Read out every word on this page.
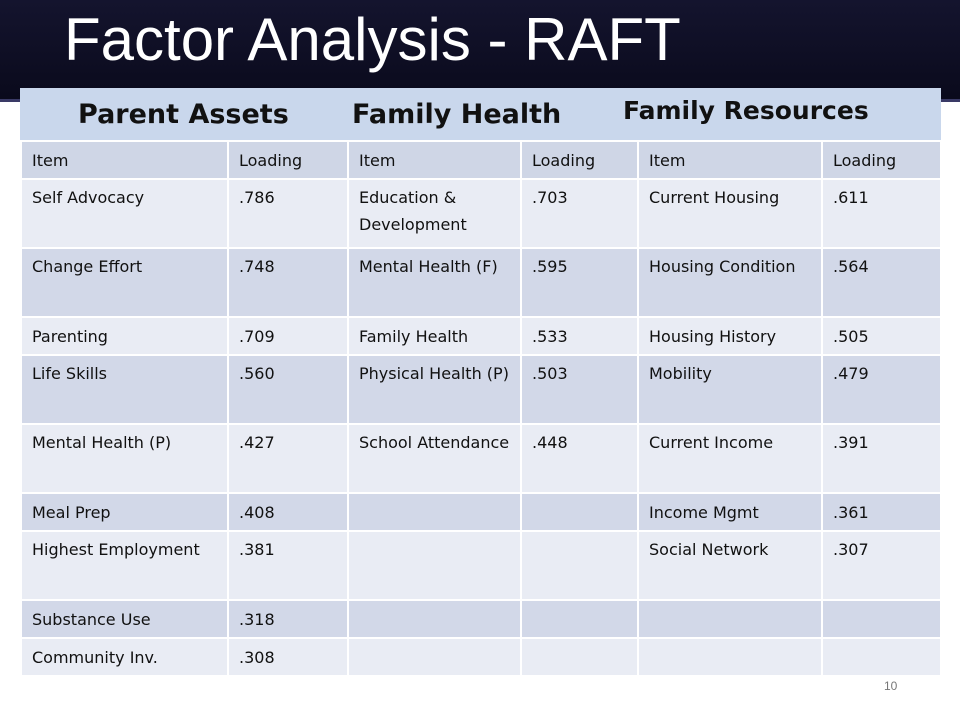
Factor Analysis - RAFT
Parent Assets Family Health Family Resources
Item	Loading	Item	Loading	Item	Loading
Self Advocacy	.786	Education & Development	.703	Current Housing	.611
Change Effort	.748	Mental Health (F)	.595	Housing Condition	.564
Parenting	.709	Family Health	.533	Housing History	.505
Life Skills	.560	Physical Health (P)	.503	Mobility	.479
Mental Health (P)	.427	School Attendance	.448	Current Income	.391
Meal Prep	.408			Income Mgmt	.361
Highest Employment	.381			Social Network	.307
Substance Use	.318				
Community Inv.	.308				
10
